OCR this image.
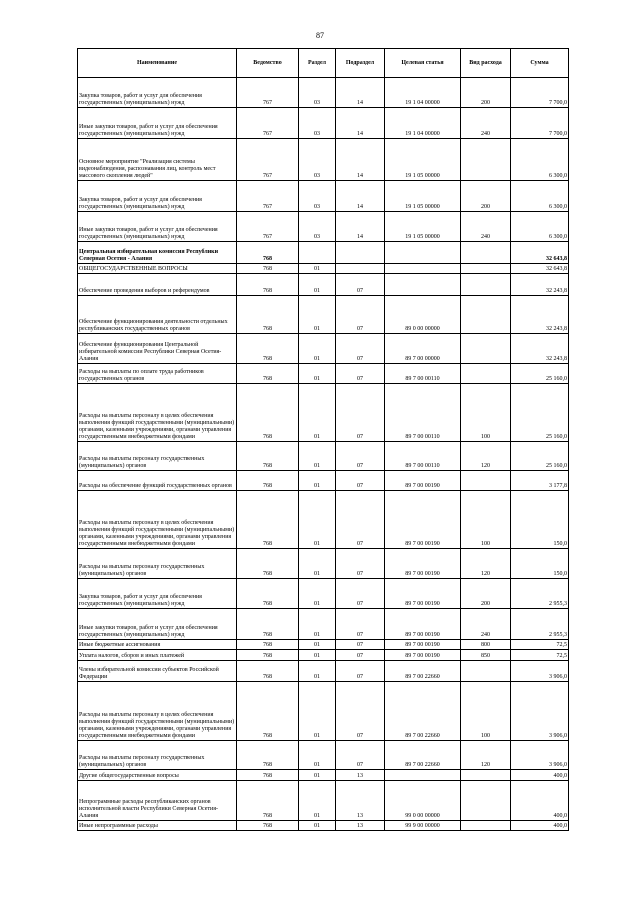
87
Наименование	Ведомство	Раздел	Подраздел	Целевая статья	Вид расхода	Сумма
Закупка товаров, работ и услуг для обеспечения государственных (муниципальных) нужд	767	03	14	19 1 04 00000	200	7 700,0
Иные закупки товаров, работ и услуг для обеспечения государственных (муниципальных) нужд	767	03	14	19 1 04 00000	240	7 700,0
Основное мероприятие "Реализация системы видеонаблюдения, распознавания лиц, контроль мест массового скопления людей"	767	03	14	19 1 05 00000		6 300,0
Закупка товаров, работ и услуг для обеспечения государственных (муниципальных) нужд	767	03	14	19 1 05 00000	200	6 300,0
Иные закупки товаров, работ и услуг для обеспечения государственных (муниципальных) нужд	767	03	14	19 1 05 00000	240	6 300,0
Центральная избирательная комиссия Республики Северная Осетия - Алания	768					32 643,8
ОБЩЕГОСУДАРСТВЕННЫЕ ВОПРОСЫ	768	01				32 643,8
Обеспечение проведения выборов и референдумов	768	01	07			32 243,8
Обеспечение функционирования деятельности отдельных республиканских государственных органов	768	01	07	89 0 00 00000		32 243,8
Обеспечение функционирования Центральной избирательной комиссии Республики Северная Осетия-Алания	768	01	07	89 7 00 00000		32 243,8
Расходы на выплаты по оплате труда работников государственных органов	768	01	07	89 7 00 00110		25 160,0
Расходы на выплаты персоналу в целях обеспечения выполнения функций государственными (муниципальными) органами, казенными учреждениями, органами управления государственными внебюджетными фондами	768	01	07	89 7 00 00110	100	25 160,0
Расходы на выплаты персоналу государственных (муниципальных) органов	768	01	07	89 7 00 00110	120	25 160,0
Расходы на обеспечение функций государственных органов	768	01	07	89 7 00 00190		3 177,8
Расходы на выплаты персоналу в целях обеспечения выполнения функций государственными (муниципальными) органами, казенными учреждениями, органами управления государственными внебюджетными фондами	768	01	07	89 7 00 00190	100	150,0
Расходы на выплаты персоналу государственных (муниципальных) органов	768	01	07	89 7 00 00190	120	150,0
Закупка товаров, работ и услуг для обеспечения государственных (муниципальных) нужд	768	01	07	89 7 00 00190	200	2 955,3
Иные закупки товаров, работ и услуг для обеспечения государственных (муниципальных) нужд	768	01	07	89 7 00 00190	240	2 955,3
Иные бюджетные ассигнования	768	01	07	89 7 00 00190	800	72,5
Уплата налогов, сборов и иных платежей	768	01	07	89 7 00 00190	850	72,5
Члены избирательной комиссии субъектов Российской Федерации	768	01	07	89 7 00 22660		3 906,0
Расходы на выплаты персоналу в целях обеспечения выполнения функций государственными (муниципальными) органами, казенными учреждениями, органами управления государственными внебюджетными фондами	768	01	07	89 7 00 22660	100	3 906,0
Расходы на выплаты персоналу государственных (муниципальных) органов	768	01	07	89 7 00 22660	120	3 906,0
Другие общегосударственные вопросы	768	01	13			400,0
Непрограммные расходы республиканских органов исполнительной власти Республики Северная Осетия-Алания	768	01	13	99 0 00 00000		400,0
Иные непрограммные расходы	768	01	13	99 9 00 00000		400,0
